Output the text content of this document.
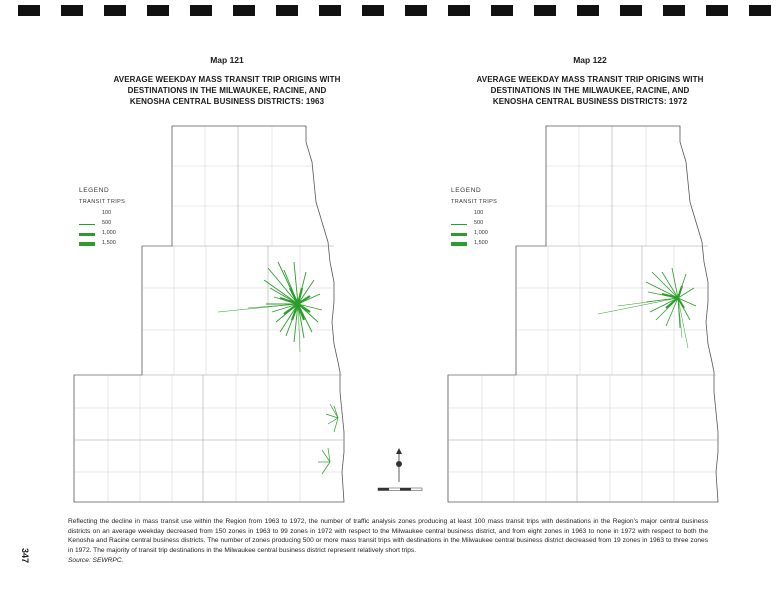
Map 121
AVERAGE WEEKDAY MASS TRANSIT TRIP ORIGINS WITH
DESTINATIONS IN THE MILWAUKEE, RACINE, AND
KENOSHA CENTRAL BUSINESS DISTRICTS: 1963
Map 122
AVERAGE WEEKDAY MASS TRANSIT TRIP ORIGINS WITH
DESTINATIONS IN THE MILWAUKEE, RACINE, AND
KENOSHA CENTRAL BUSINESS DISTRICTS: 1972
LEGEND
TRANSIT TRIPS
100
500
1,000
1,500
LEGEND
TRANSIT TRIPS
100
500
1,000
1,500
Reflecting the decline in mass transit use within the Region from 1963 to 1972, the number of traffic analysis zones producing at least 100 mass transit trips with destinations in the Region's major central business districts on an average weekday decreased from 150 zones in 1963 to 99 zones in 1972 with respect to the Milwaukee central business district, and from eight zones in 1963 to none in 1972 with respect to both the Kenosha and Racine central business districts. The number of zones producing 500 or more mass transit trips with destinations in the Milwaukee central business district decreased from 19 zones in 1963 to three zones in 1972. The majority of transit trip destinations in the Milwaukee central business district represent relatively short trips.
Source: SEWRPC.
347
